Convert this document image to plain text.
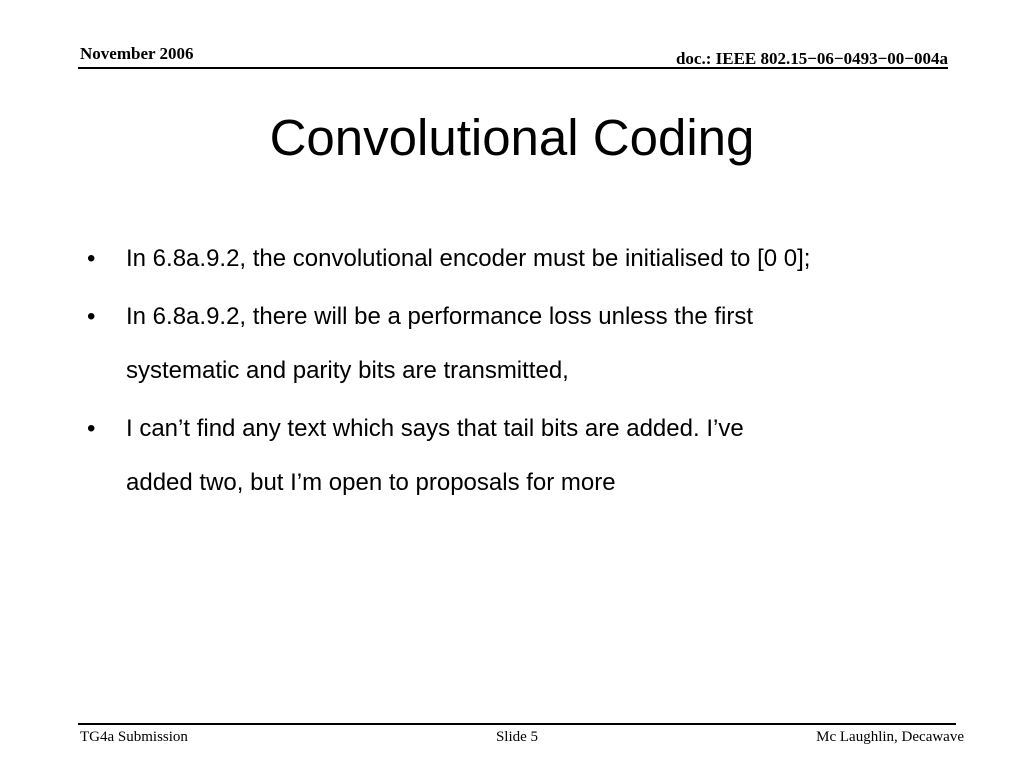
November 2006	doc.: IEEE 802.15−06−0493−00−004a
Convolutional Coding
• In 6.8a.9.2, the convolutional encoder must be initialised to [0 0];
• In 6.8a.9.2, there will be a performance loss unless the first
systematic and parity bits are transmitted,
• I can’t find any text which says that tail bits are added. I’ve
added two, but I’m open to proposals for more
TG4a Submission	Slide 5	Mc Laughlin, Decawave
